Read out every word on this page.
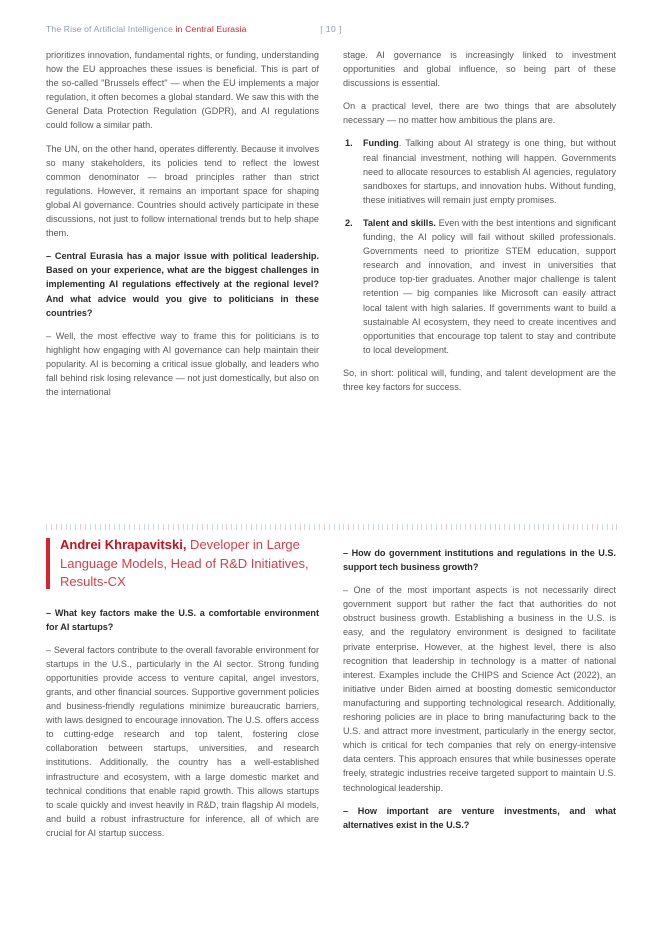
The Rise of Artificial Intelligence in Central Eurasia	[ 10 ]

prioritizes innovation, fundamental rights, or funding, understanding how the EU approaches these issues is beneficial. This is part of the so-called "Brussels effect" — when the EU implements a major regulation, it often becomes a global standard. We saw this with the General Data Protection Regulation (GDPR), and AI regulations could follow a similar path.

The UN, on the other hand, operates differently. Because it involves so many stakeholders, its policies tend to reflect the lowest common denominator — broad principles rather than strict regulations. However, it remains an important space for shaping global AI governance. Countries should actively participate in these discussions, not just to follow international trends but to help shape them.

– Central Eurasia has a major issue with political leadership. Based on your experience, what are the biggest challenges in implementing AI regulations effectively at the regional level? And what advice would you give to politicians in these countries?

– Well, the most effective way to frame this for politicians is to highlight how engaging with AI governance can help maintain their popularity. AI is becoming a critical issue globally, and leaders who fall behind risk losing relevance — not just domestically, but also on the international

stage. AI governance is increasingly linked to investment opportunities and global influence, so being part of these discussions is essential.

On a practical level, there are two things that are absolutely necessary — no matter how ambitious the plans are.

Funding. Talking about AI strategy is one thing, but without real financial investment, nothing will happen. Governments need to allocate resources to establish AI agencies, regulatory sandboxes for startups, and innovation hubs. Without funding, these initiatives will remain just empty promises.
Talent and skills. Even with the best intentions and significant funding, the AI policy will fail without skilled professionals. Governments need to prioritize STEM education, support research and innovation, and invest in universities that produce top-tier graduates. Another major challenge is talent retention — big companies like Microsoft can easily attract local talent with high salaries. If governments want to build a sustainable AI ecosystem, they need to create incentives and opportunities that encourage top talent to stay and contribute to local development.

So, in short: political will, funding, and talent development are the three key factors for success.

Andrei Khrapavitski, Developer in Large Language Models, Head of R&D Initiatives, Results-CX

– What key factors make the U.S. a comfortable environment for AI startups?

– Several factors contribute to the overall favorable environment for startups in the U.S., particularly in the AI sector. Strong funding opportunities provide access to venture capital, angel investors, grants, and other financial sources. Supportive government policies and business-friendly regulations minimize bureaucratic barriers, with laws designed to encourage innovation. The U.S. offers access to cutting-edge research and top talent, fostering close collaboration between startups, universities, and research institutions. Additionally, the country has a well-established infrastructure and ecosystem, with a large domestic market and technical conditions that enable rapid growth. This allows startups to scale quickly and invest heavily in R&D, train flagship AI models, and build a robust infrastructure for inference, all of which are crucial for AI startup success.

– How do government institutions and regulations in the U.S. support tech business growth?

– One of the most important aspects is not necessarily direct government support but rather the fact that authorities do not obstruct business growth. Establishing a business in the U.S. is easy, and the regulatory environment is designed to facilitate private enterprise. However, at the highest level, there is also recognition that leadership in technology is a matter of national interest. Examples include the CHIPS and Science Act (2022), an initiative under Biden aimed at boosting domestic semiconductor manufacturing and supporting technological research. Additionally, reshoring policies are in place to bring manufacturing back to the U.S. and attract more investment, particularly in the energy sector, which is critical for tech companies that rely on energy-intensive data centers. This approach ensures that while businesses operate freely, strategic industries receive targeted support to maintain U.S. technological leadership.

– How important are venture investments, and what alternatives exist in the U.S.?
